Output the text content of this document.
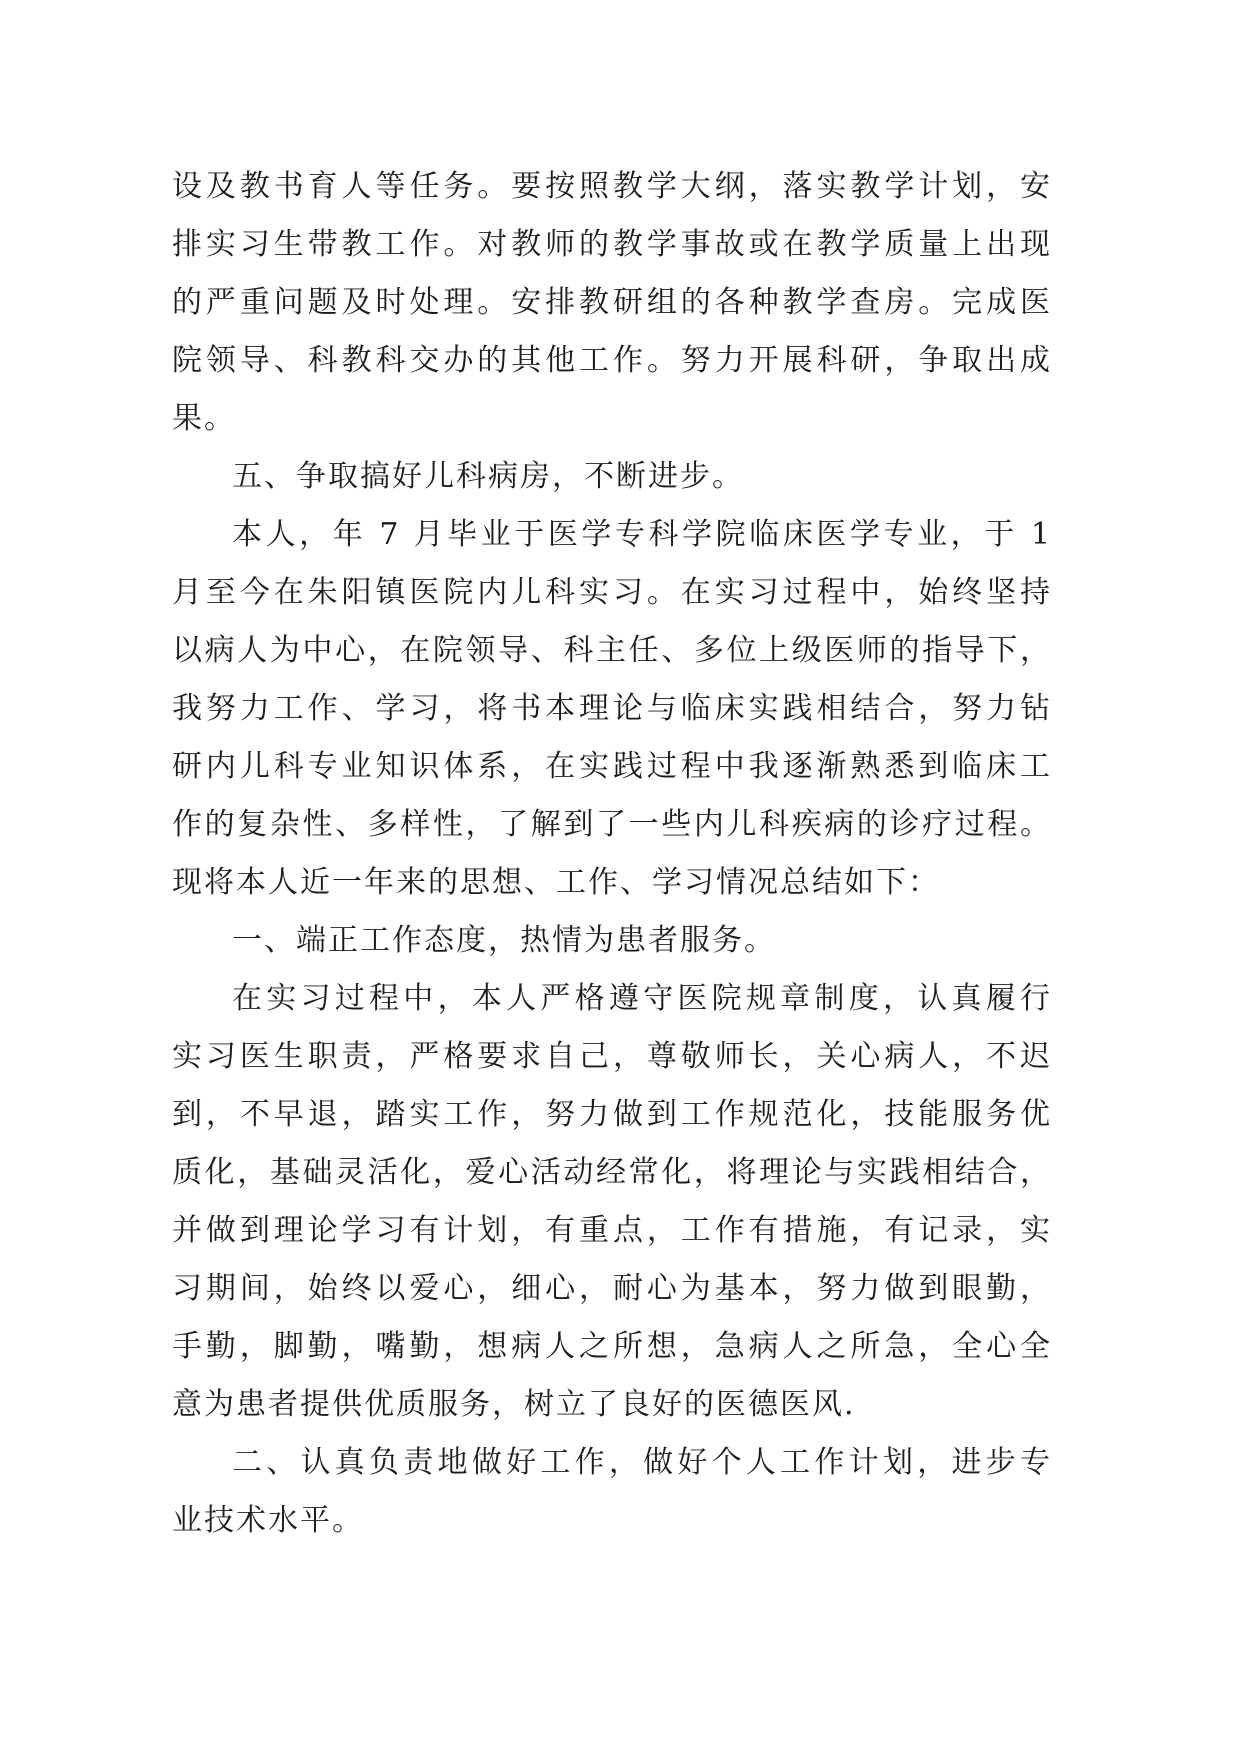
设及教书育人等任务。要按照教学大纲，落实教学计划，安
排实习生带教工作。对教师的教学事故或在教学质量上出现
的严重问题及时处理。安排教研组的各种教学查房。完成医
院领导、科教科交办的其他工作。努力开展科研，争取出成
果。
五、争取搞好儿科病房，不断进步。
本人，年 7 月毕业于医学专科学院临床医学专业，于 1
月至今在朱阳镇医院内儿科实习。在实习过程中，始终坚持
以病人为中心，在院领导、科主任、多位上级医师的指导下，
我努力工作、学习，将书本理论与临床实践相结合，努力钻
研内儿科专业知识体系，在实践过程中我逐渐熟悉到临床工
作的复杂性、多样性，了解到了一些内儿科疾病的诊疗过程。
现将本人近一年来的思想、工作、学习情况总结如下：
一、端正工作态度，热情为患者服务。
在实习过程中，本人严格遵守医院规章制度，认真履行
实习医生职责，严格要求自己，尊敬师长，关心病人，不迟
到，不早退，踏实工作，努力做到工作规范化，技能服务优
质化，基础灵活化，爱心活动经常化，将理论与实践相结合，
并做到理论学习有计划，有重点，工作有措施，有记录，实
习期间，始终以爱心，细心，耐心为基本，努力做到眼勤，
手勤，脚勤，嘴勤，想病人之所想，急病人之所急，全心全
意为患者提供优质服务，树立了良好的医德医风.
二、认真负责地做好工作，做好个人工作计划，进步专
业技术水平。
